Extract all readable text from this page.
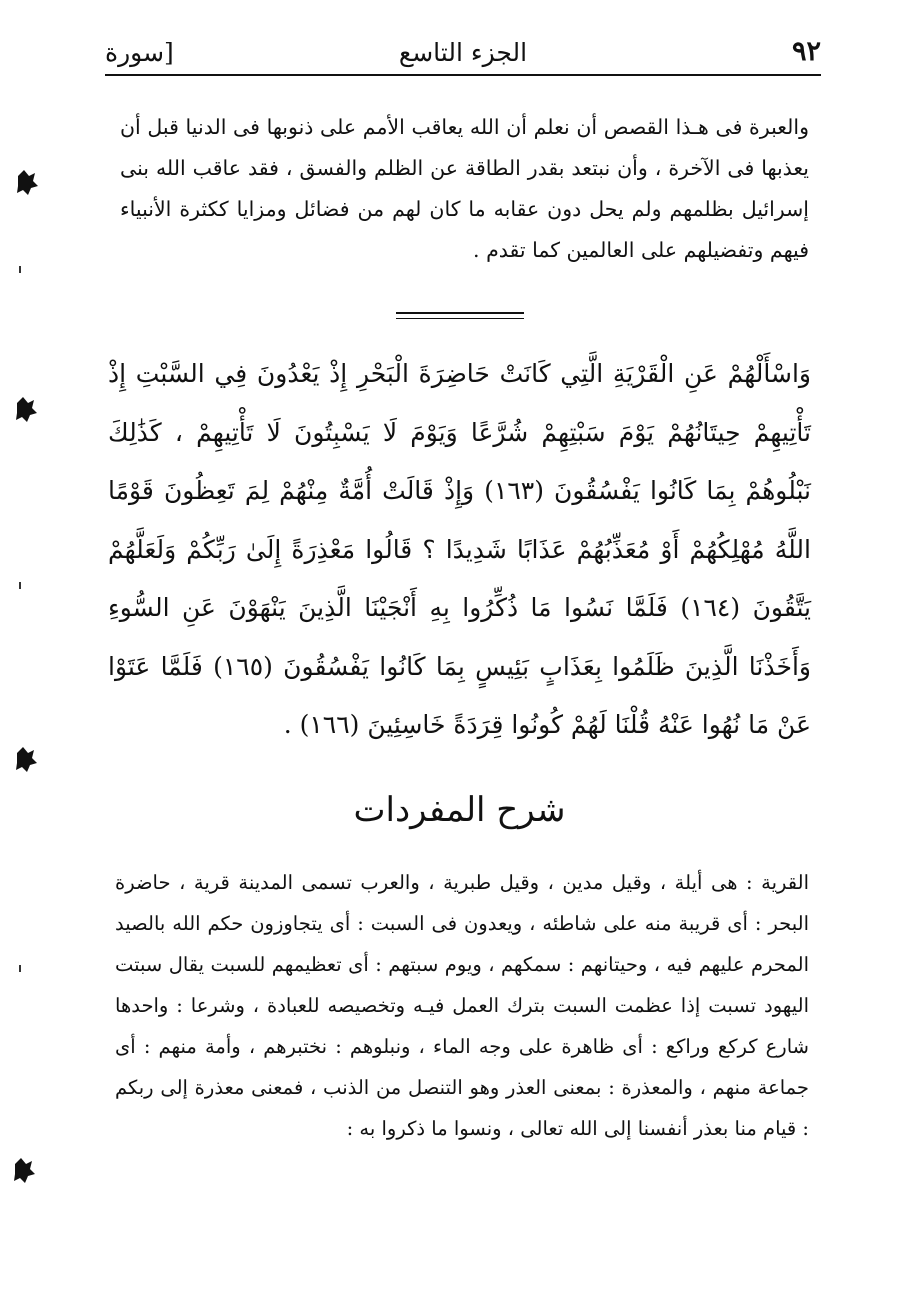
٩٢
الجزء التاسع
[سورة

والعبرة فى هـذا القصص أن نعلم أن الله يعاقب الأمم على ذنوبها فى الدنيا قبل أن يعذبها فى الآخرة ، وأن نبتعد بقدر الطاقة عن الظلم والفسق ، فقد عاقب الله بنى إسرائيل بظلمهم ولم يحل دون عقابه ما كان لهم من فضائل ومزايا ككثرة الأنبياء فيهم وتفضيلهم على العالمين كما تقدم .

وَاسْأَلْهُمْ عَنِ الْقَرْيَةِ الَّتِي كَانَتْ حَاضِرَةَ الْبَحْرِ إِذْ يَعْدُونَ فِي السَّبْتِ إِذْ تَأْتِيهِمْ حِيتَانُهُمْ يَوْمَ سَبْتِهِمْ شُرَّعًا وَيَوْمَ لَا يَسْبِتُونَ لَا تَأْتِيهِمْ ، كَذَٰلِكَ نَبْلُوهُمْ بِمَا كَانُوا يَفْسُقُونَ (١٦٣) وَإِذْ قَالَتْ أُمَّةٌ مِنْهُمْ لِمَ تَعِظُونَ قَوْمًا اللَّهُ مُهْلِكُهُمْ أَوْ مُعَذِّبُهُمْ عَذَابًا شَدِيدًا ؟ قَالُوا مَعْذِرَةً إِلَىٰ رَبِّكُمْ وَلَعَلَّهُمْ يَتَّقُونَ (١٦٤) فَلَمَّا نَسُوا مَا ذُكِّرُوا بِهِ أَنْجَيْنَا الَّذِينَ يَنْهَوْنَ عَنِ السُّوءِ وَأَخَذْنَا الَّذِينَ ظَلَمُوا بِعَذَابٍ بَئِيسٍ بِمَا كَانُوا يَفْسُقُونَ (١٦٥) فَلَمَّا عَتَوْا عَنْ مَا نُهُوا عَنْهُ قُلْنَا لَهُمْ كُونُوا قِرَدَةً خَاسِئِينَ (١٦٦) .

شرح المفردات

القرية : هى أيلة ، وقيل مدين ، وقيل طبرية ، والعرب تسمى المدينة قرية ، حاضرة البحر : أى قريبة منه على شاطئه ، ويعدون فى السبت : أى يتجاوزون حكم الله بالصيد المحرم عليهم فيه ، وحيتانهم : سمكهم ، ويوم سبتهم : أى تعظيمهم للسبت يقال سبتت اليهود تسبت إذا عظمت السبت بترك العمل فيـه وتخصيصه للعبادة ، وشرعا : واحدها شارع كركع وراكع : أى ظاهرة على وجه الماء ، ونبلوهم : نختبرهم ، وأمة منهم : أى جماعة منهم ، والمعذرة : بمعنى العذر وهو التنصل من الذنب ، فمعنى معذرة إلى ربكم : قيام منا بعذر أنفسنا إلى الله تعالى ، ونسوا ما ذكروا به :
